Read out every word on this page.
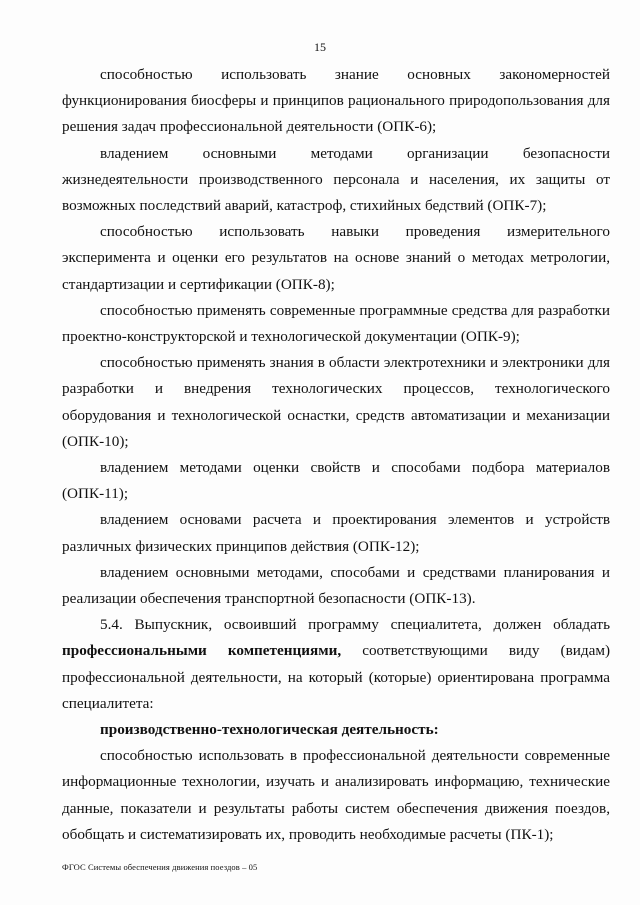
15

способностью использовать знание основных закономерностей функционирования биосферы и принципов рационального природопользования для решения задач профессиональной деятельности (ОПК-6);

владением основными методами организации безопасности жизнедеятельности производственного персонала и населения, их защиты от возможных последствий аварий, катастроф, стихийных бедствий (ОПК-7);

способностью использовать навыки проведения измерительного эксперимента и оценки его результатов на основе знаний о методах метрологии, стандартизации и сертификации (ОПК-8);

способностью применять современные программные средства для разработки проектно-конструкторской и технологической документации (ОПК-9);

способностью применять знания в области электротехники и электроники для разработки и внедрения технологических процессов, технологического оборудования и технологической оснастки, средств автоматизации и механизации (ОПК-10);

владением методами оценки свойств и способами подбора материалов (ОПК-11);

владением основами расчета и проектирования элементов и устройств различных физических принципов действия (ОПК-12);

владением основными методами, способами и средствами планирования и реализации обеспечения транспортной безопасности (ОПК-13).

5.4. Выпускник, освоивший программу специалитета, должен обладать профессиональными компетенциями, соответствующими виду (видам) профессиональной деятельности, на который (которые) ориентирована программа специалитета:

производственно-технологическая деятельность:

способностью использовать в профессиональной деятельности современные информационные технологии, изучать и анализировать информацию, технические данные, показатели и результаты работы систем обеспечения движения поездов, обобщать и систематизировать их, проводить необходимые расчеты (ПК-1);

ФГОС Системы обеспечения движения поездов – 05
